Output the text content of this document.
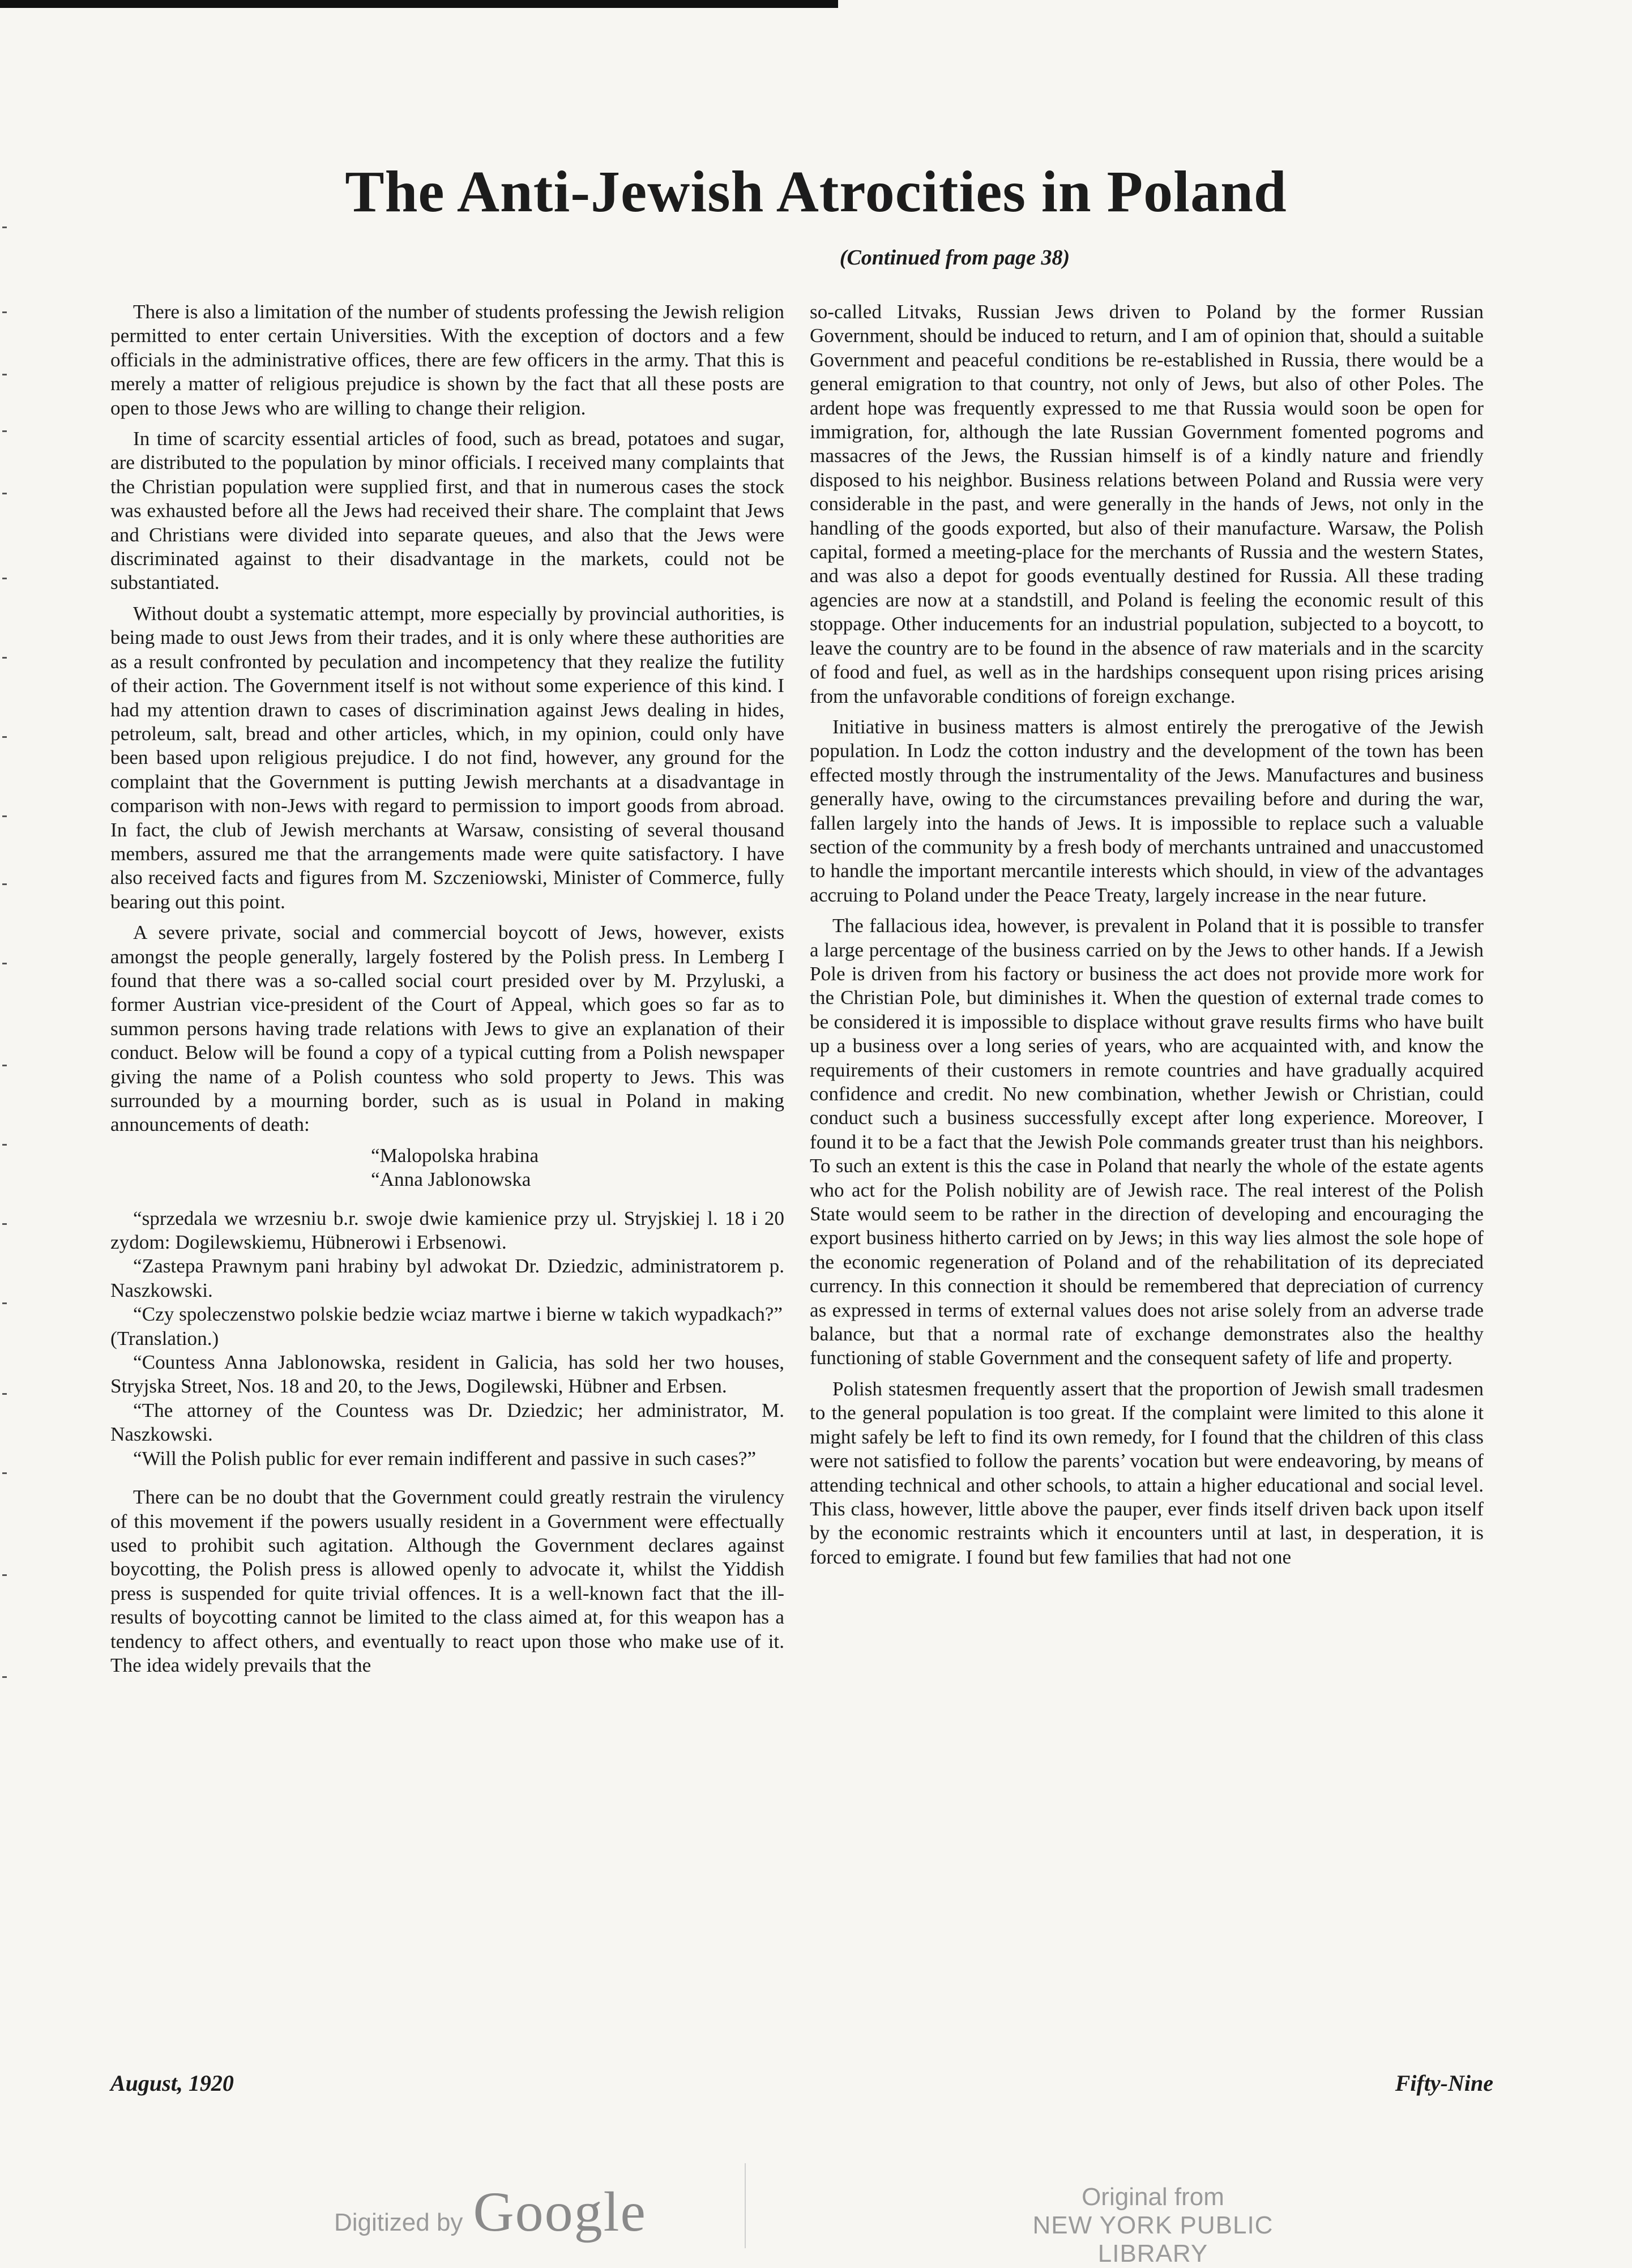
The Anti-Jewish Atrocities in Poland
(Continued from page 38)

There is also a limitation of the number of students professing the Jewish religion permitted to enter certain Universities. With the exception of doctors and a few officials in the administrative offices, there are few officers in the army. That this is merely a matter of religious prejudice is shown by the fact that all these posts are open to those Jews who are willing to change their religion.

In time of scarcity essential articles of food, such as bread, potatoes and sugar, are distributed to the population by minor officials. I received many complaints that the Christian population were supplied first, and that in numerous cases the stock was exhausted before all the Jews had received their share. The complaint that Jews and Christians were divided into separate queues, and also that the Jews were discriminated against to their disadvantage in the markets, could not be substantiated.

Without doubt a systematic attempt, more especially by provincial authorities, is being made to oust Jews from their trades, and it is only where these authorities are as a result confronted by peculation and incompetency that they realize the futility of their action. The Government itself is not without some experience of this kind. I had my attention drawn to cases of discrimination against Jews dealing in hides, petroleum, salt, bread and other articles, which, in my opinion, could only have been based upon religious prejudice. I do not find, however, any ground for the complaint that the Government is putting Jewish merchants at a disadvantage in comparison with non-Jews with regard to permission to import goods from abroad. In fact, the club of Jewish merchants at Warsaw, consisting of several thousand members, assured me that the arrangements made were quite satisfactory. I have also received facts and figures from M. Szczeniowski, Minister of Commerce, fully bearing out this point.

A severe private, social and commercial boycott of Jews, however, exists amongst the people generally, largely fostered by the Polish press. In Lemberg I found that there was a so-called social court presided over by M. Przyluski, a former Austrian vice-president of the Court of Appeal, which goes so far as to summon persons having trade relations with Jews to give an explanation of their conduct. Below will be found a copy of a typical cutting from a Polish newspaper giving the name of a Polish countess who sold property to Jews. This was surrounded by a mourning border, such as is usual in Poland in making announcements of death:

“Malopolska hrabina

“Anna Jablonowska

“sprzedala we wrzesniu b.r. swoje dwie kamienice przy ul. Stryjskiej l. 18 i 20 zydom: Dogilewskiemu, Hübnerowi i Erbsenowi.

“Zastepa Prawnym pani hrabiny byl adwokat Dr. Dziedzic, administratorem p. Naszkowski.

“Czy spoleczenstwo polskie bedzie wciaz martwe i bierne w takich wypadkach?”

(Translation.)

“Countess Anna Jablonowska, resident in Galicia, has sold her two houses, Stryjska Street, Nos. 18 and 20, to the Jews, Dogilewski, Hübner and Erbsen.

“The attorney of the Countess was Dr. Dziedzic; her administrator, M. Naszkowski.

“Will the Polish public for ever remain indifferent and passive in such cases?”

There can be no doubt that the Government could greatly restrain the virulency of this movement if the powers usually resident in a Government were effectually used to prohibit such agitation. Although the Government declares against boycotting, the Polish press is allowed openly to advocate it, whilst the Yiddish press is suspended for quite trivial offences. It is a well-known fact that the ill-results of boycotting cannot be limited to the class aimed at, for this weapon has a tendency to affect others, and eventually to react upon those who make use of it. The idea widely prevails that the

so-called Litvaks, Russian Jews driven to Poland by the former Russian Government, should be induced to return, and I am of opinion that, should a suitable Government and peaceful conditions be re-established in Russia, there would be a general emigration to that country, not only of Jews, but also of other Poles. The ardent hope was frequently expressed to me that Russia would soon be open for immigration, for, although the late Russian Government fomented pogroms and massacres of the Jews, the Russian himself is of a kindly nature and friendly disposed to his neighbor. Business relations between Poland and Russia were very considerable in the past, and were generally in the hands of Jews, not only in the handling of the goods exported, but also of their manufacture. Warsaw, the Polish capital, formed a meeting-place for the merchants of Russia and the western States, and was also a depot for goods eventually destined for Russia. All these trading agencies are now at a standstill, and Poland is feeling the economic result of this stoppage. Other inducements for an industrial population, subjected to a boycott, to leave the country are to be found in the absence of raw materials and in the scarcity of food and fuel, as well as in the hardships consequent upon rising prices arising from the unfavorable conditions of foreign exchange.

Initiative in business matters is almost entirely the prerogative of the Jewish population. In Lodz the cotton industry and the development of the town has been effected mostly through the instrumentality of the Jews. Manufactures and business generally have, owing to the circumstances prevailing before and during the war, fallen largely into the hands of Jews. It is impossible to replace such a valuable section of the community by a fresh body of merchants untrained and unaccustomed to handle the important mercantile interests which should, in view of the advantages accruing to Poland under the Peace Treaty, largely increase in the near future.

The fallacious idea, however, is prevalent in Poland that it is possible to transfer a large percentage of the business carried on by the Jews to other hands. If a Jewish Pole is driven from his factory or business the act does not provide more work for the Christian Pole, but diminishes it. When the question of external trade comes to be considered it is impossible to displace without grave results firms who have built up a business over a long series of years, who are acquainted with, and know the requirements of their customers in remote countries and have gradually acquired confidence and credit. No new combination, whether Jewish or Christian, could conduct such a business successfully except after long experience. Moreover, I found it to be a fact that the Jewish Pole commands greater trust than his neighbors. To such an extent is this the case in Poland that nearly the whole of the estate agents who act for the Polish nobility are of Jewish race. The real interest of the Polish State would seem to be rather in the direction of developing and encouraging the export business hitherto carried on by Jews; in this way lies almost the sole hope of the economic regeneration of Poland and of the rehabilitation of its depreciated currency. In this connection it should be remembered that depreciation of currency as expressed in terms of external values does not arise solely from an adverse trade balance, but that a normal rate of exchange demonstrates also the healthy functioning of stable Government and the consequent safety of life and property.

Polish statesmen frequently assert that the proportion of Jewish small tradesmen to the general population is too great. If the complaint were limited to this alone it might safely be left to find its own remedy, for I found that the children of this class were not satisfied to follow the parents’ vocation but were endeavoring, by means of attending technical and other schools, to attain a higher educational and social level. This class, however, little above the pauper, ever finds itself driven back upon itself by the economic restraints which it encounters until at last, in desperation, it is forced to emigrate. I found but few families that had not one

August, 1920	Fifty-Nine
Digitized by Google	Original from
NEW YORK PUBLIC LIBRARY
